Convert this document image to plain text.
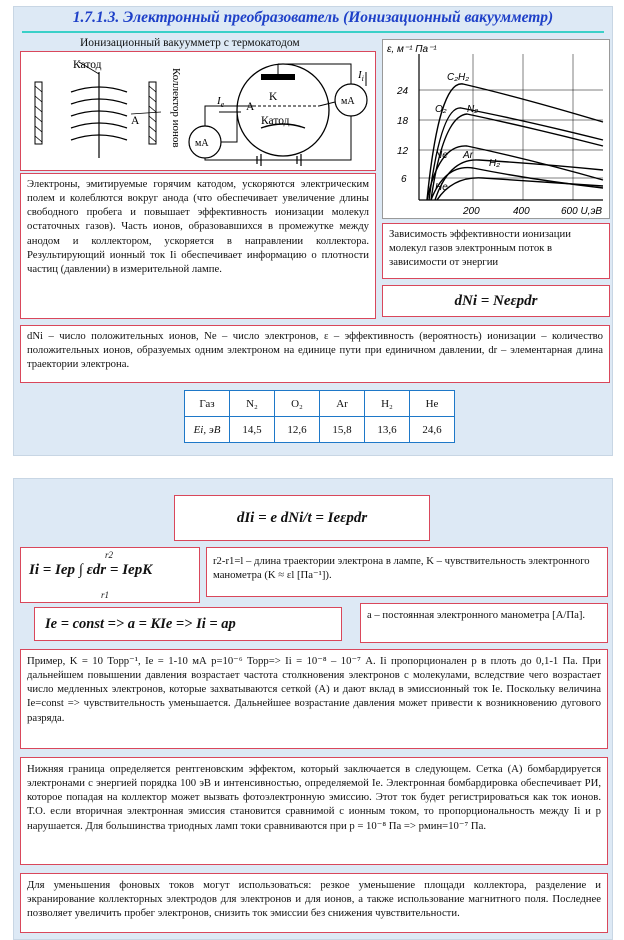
1.7.1.3. Электронный преобразователь (Ионизационный вакуумметр)
Ионизационный вакуумметр с термокатодом
Коллектор ионов
Катод
А
$I_e$
$I_i$
K
А
Катод
мА
мА
ε, м⁻¹ Па⁻¹
24
18
12
6
200	400	600 U,эВ
C₂H₂
O₂ N₂
Ne Ar
H₂
He
Электроны, эмитируемые горячим катодом, ускоряются электрическим полем и колеблются вокруг анода (что обеспечивает увеличение длины свободного пробега и повышает эффективность ионизации молекул остаточных газов). Часть ионов, образовавшихся в промежутке между анодом и коллектором, ускоряется в направлении коллектора. Результирующий ионный ток Ii обеспечивает информацию о плотности частиц (давлении) в измерительной лампе.
Зависимость эффективности ионизации молекул газов электронным поток в зависимости от энергии
dNi = Neεpdr
dNi – число положительных ионов, Ne – число электронов, ε – эффективность (вероятность) ионизации – количество положительных ионов, образуемых одним электроном на единице пути при единичном давлении, dr – элементарная длина траектории электрона.
Газ	N₂	O₂	Ar	H₂	He
Ei, эВ	14,5	12,6	15,8	13,6	24,6
dIi = e dNi/t = Ieεpdr
Ii = Iep ∫ εdr = IepK
r2
r1
r2-r1=l – длина траектории электрона в лампе, K – чувствительность электронного манометра (K ≈ εl [Па⁻¹]).
Ie = const => a = KIe => Ii = ap
a – постоянная электронного манометра [А/Па].
Пример, K = 10 Торр⁻¹, Ie = 1-10 мА p=10⁻⁶ Торр=> Ii = 10⁻⁸ – 10⁻⁷ А. Ii пропорционален p в плоть до 0,1-1 Па. При дальнейшем повышении давления возрастает частота столкновения электронов с молекулами, вследствие чего возрастает число медленных электронов, которые захватываются сеткой (А) и дают вклад в эмиссионный ток Ie. Поскольку величина Ie=const => чувствительность уменьшается. Дальнейшее возрастание давления может привести к возникновению дугового разряда.
Нижняя граница определяется рентгеновским эффектом, который заключается в следующем. Сетка (А) бомбардируется электронами с энергией порядка 100 эВ и интенсивностью, определяемой Ie. Электронная бомбардировка обеспечивает РИ, которое попадая на коллектор может вызвать фотоэлектронную эмиссию. Этот ток будет регистрироваться как ток ионов. Т.О. если вторичная электронная эмиссия становится сравнимой с ионным током, то пропорциональность между Ii и p нарушается. Для большинства триодных ламп токи сравниваются при p = 10⁻⁸ Па => pмин=10⁻⁷ Па.
Для уменьшения фоновых токов могут использоваться: резкое уменьшение площади коллектора, разделение и экранирование коллекторных электродов для электронов и для ионов, а также использование магнитного поля. Последнее позволяет увеличить пробег электронов, снизить ток эмиссии без снижения чувствительности.
